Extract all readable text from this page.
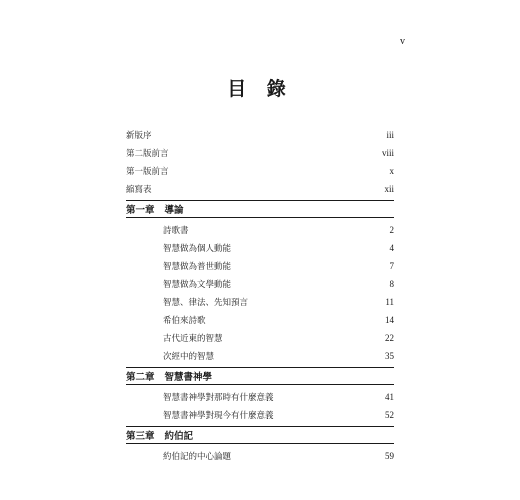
v
目 錄
新版序	iii
第二版前言	viii
第一版前言	x
縮寫表	xii
第一章 導論
詩歌書	2
智慧做為個人動能	4
智慧做為普世動能	7
智慧做為文學動能	8
智慧、律法、先知預言	11
希伯來詩歌	14
古代近東的智慧	22
次經中的智慧	35
第二章 智慧書神學
智慧書神學對那時有什麼意義	41
智慧書神學對現今有什麼意義	52
第三章 約伯記
約伯記的中心論題	59
